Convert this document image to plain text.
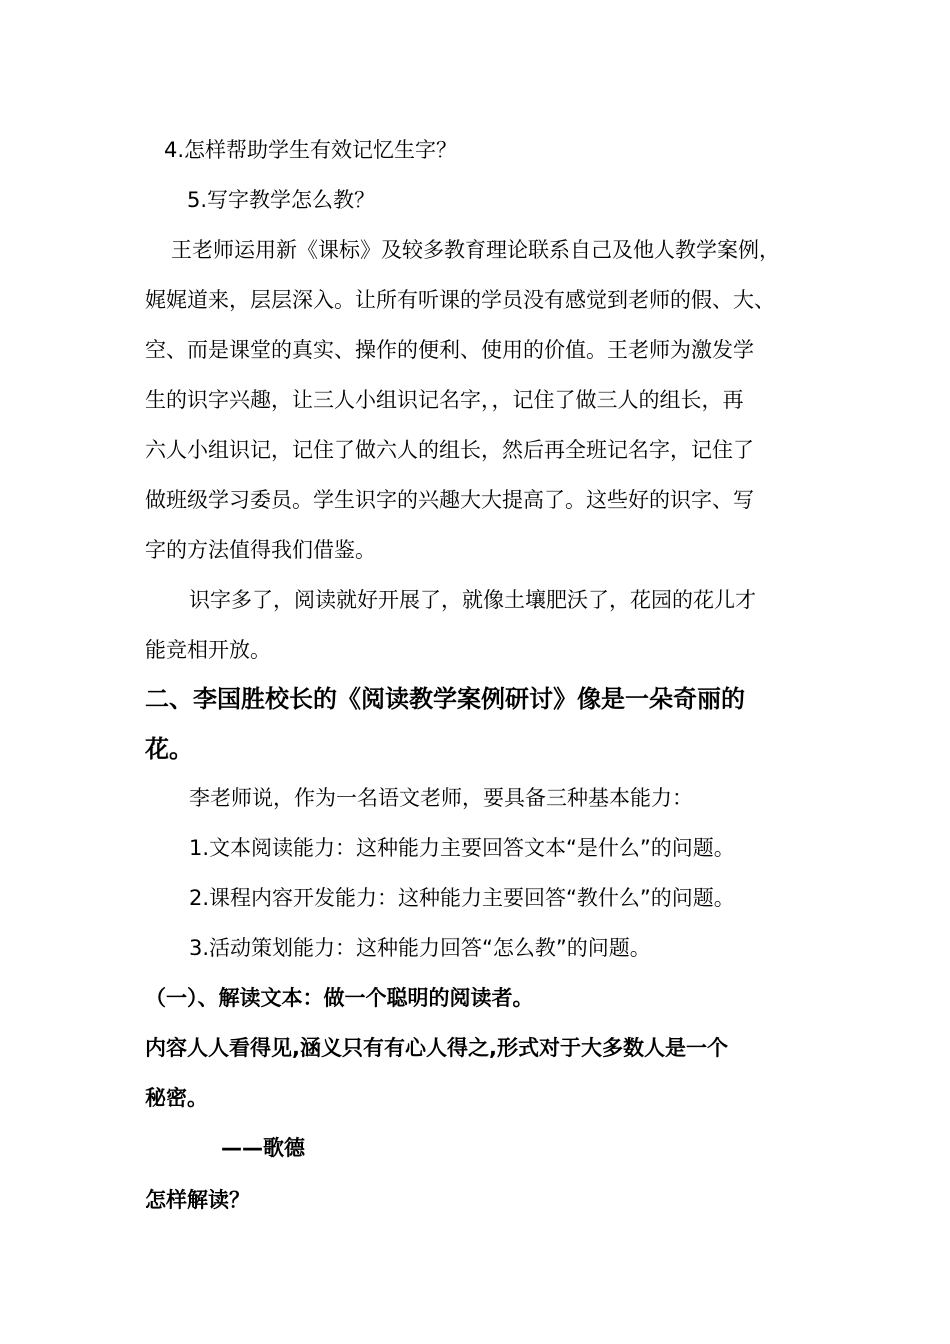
4.怎样帮助学生有效记忆生字？
5.写字教学怎么教？
王老师运用新《课标》及较多教育理论联系自己及他人教学案例，
娓娓道来，层层深入。让所有听课的学员没有感觉到老师的假、大、
空、而是课堂的真实、操作的便利、使用的价值。王老师为激发学
生的识字兴趣，让三人小组识记名字，，记住了做三人的组长，再
六人小组识记，记住了做六人的组长，然后再全班记名字，记住了
做班级学习委员。学生识字的兴趣大大提高了。这些好的识字、写
字的方法值得我们借鉴。
识字多了，阅读就好开展了，就像土壤肥沃了，花园的花儿才
能竞相开放。
二、李国胜校长的《阅读教学案例研讨》像是一朵奇丽的
花。
李老师说，作为一名语文老师，要具备三种基本能力：
1.文本阅读能力：这种能力主要回答文本“是什么”的问题。
2.课程内容开发能力：这种能力主要回答“教什么”的问题。
3.活动策划能力：这种能力回答“怎么教”的问题。
（一）、解读文本：做一个聪明的阅读者。
内容人人看得见,涵义只有有心人得之,形式对于大多数人是一个
秘密。
——歌德
怎样解读？
